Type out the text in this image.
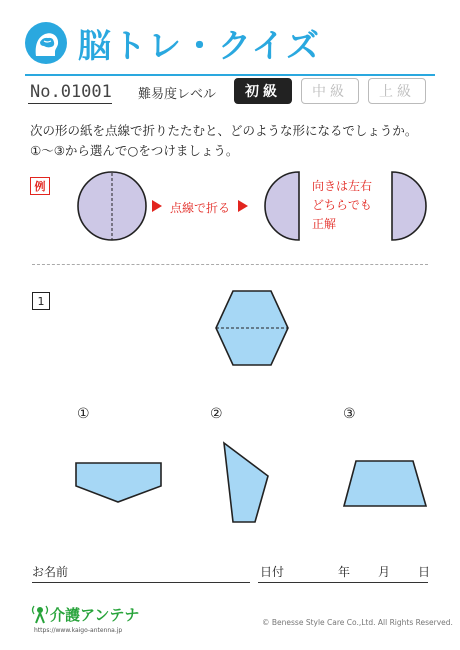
脳トレ・クイズ
No.01001 難易度レベル	初級	中級	上級
次の形の紙を点線で折りたたむと、どのような形になるでしょうか。
①〜③から選んで○をつけましょう。
例
点線で折る
向きは左右
どちらでも
正解
1
①	②	③
お名前	日付	年 月 日
介護アンテナ
https://www.kaigo-antenna.jp
© Benesse Style Care Co.,Ltd. All Rights Reserved.
